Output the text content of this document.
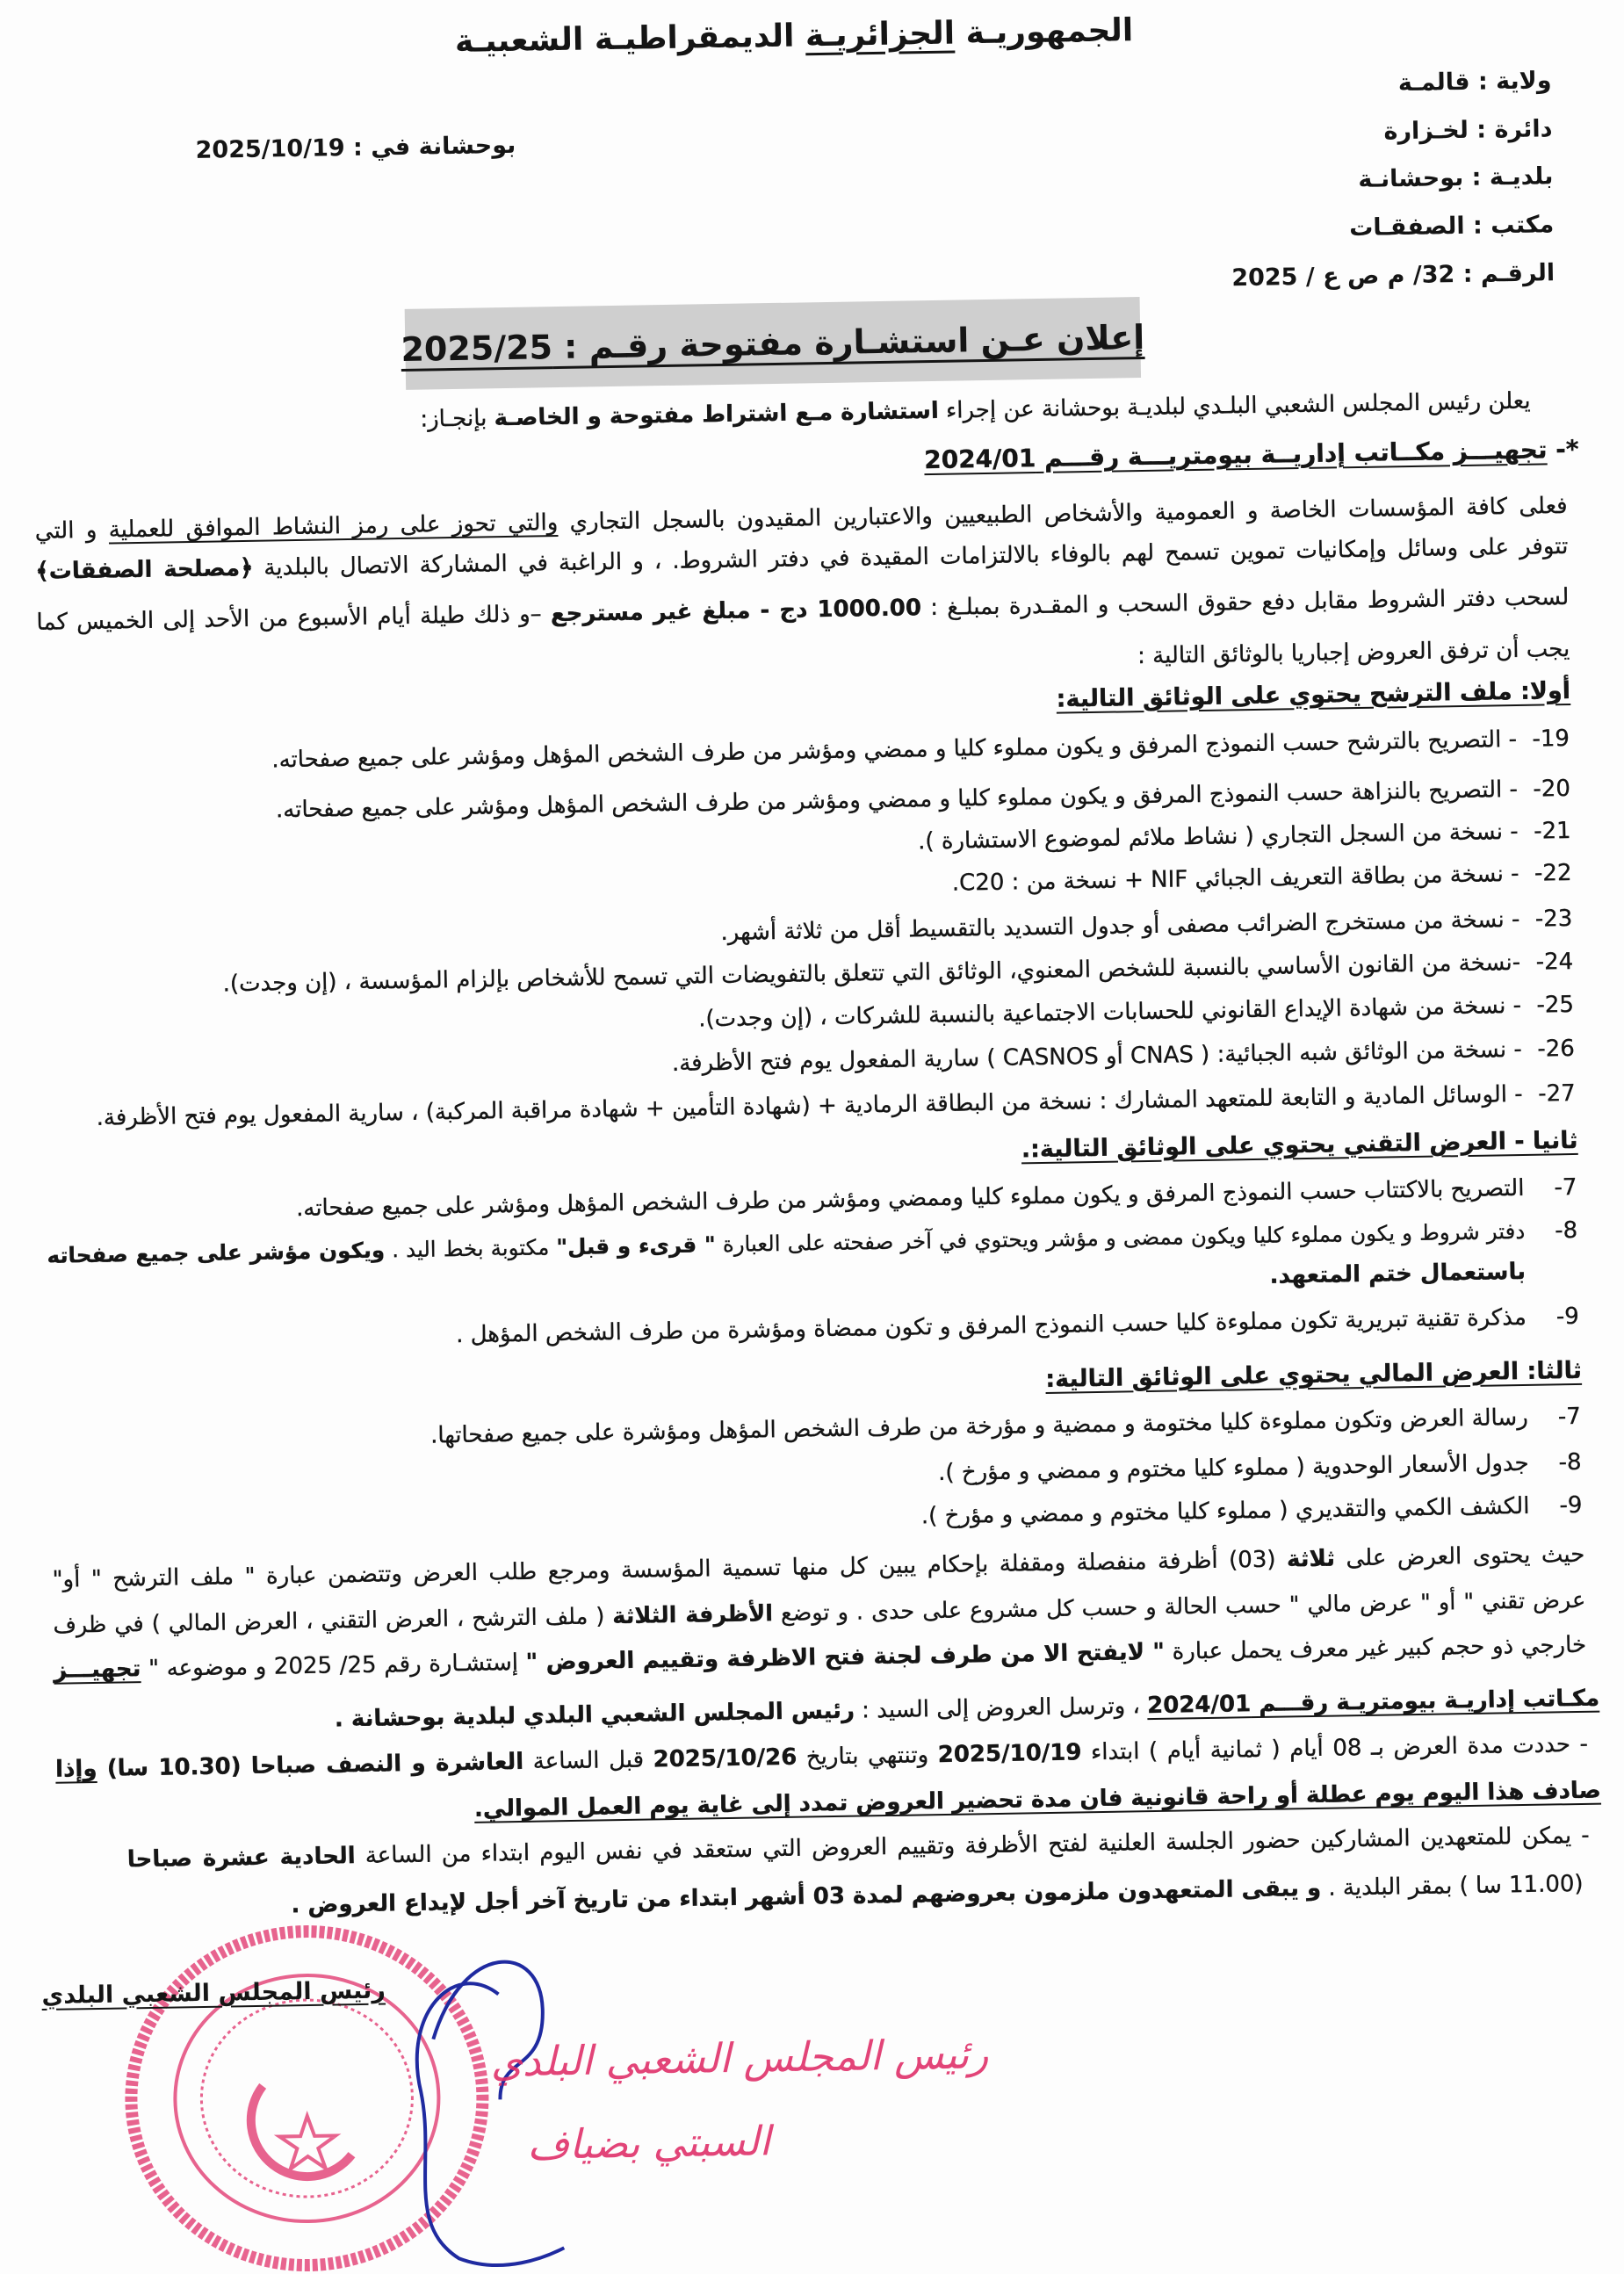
الجمهوريـة الجزائريـة الديمقراطيـة الشعبيـة
ولاية : قالمـة
دائرة : لخـزارة
بلديـة : بوحشانـة
مكتب : الصفقـات
الرقـم : 32/ م ص ع / 2025
بوحشانة في : 2025/10/19
إعلان عـن استشـارة مفتوحة رقـم : 2025/25
يعلن رئيس المجلس الشعبي البلـدي لبلديـة بوحشانة عن إجراء استشارة مـع اشتراط مفتوحة و الخاصـة بإنجـاز:
*- تجهيـــز مكــاتب إداريــة بيومتريـــة رقـــم 2024/01
فعلى كافة المؤسسات الخاصة و العمومية والأشخاص الطبيعيين والاعتبارين المقيدون بالسجل التجاري والتي تحوز على رمز النشاط الموافق للعملية و التي
تتوفر على وسائل وإمكانيات تموين تسمح لهم بالوفاء بالالتزامات المقيدة في دفتر الشروط. ، و الراغبة في المشاركة الاتصال بالبلدية ﴿مصلحة الصفقات﴾
لسحب دفتر الشروط مقابل دفع حقوق السحب و المقـدرة بمبلـغ : 1000.00 دج - مبلغ غير مسترجع –و ذلك طيلة أيام الأسبوع من الأحد إلى الخميس كما
يجب أن ترفق العروض إجباريا بالوثائق التالية :
أولا: ملف الترشح يحتوي على الوثائق التالية:
ثانيا - العرض التقني يحتوي على الوثائق التالية:.
ثالثا: العرض المالي يحتوي على الوثائق التالية:
حيث يحتوى العرض على ثلاثة (03) أظرفة منفصلة ومقفلة بإحكام يبين كل منها تسمية المؤسسة ومرجع طلب العرض وتتضمن عبارة " ملف الترشح " أو"
عرض تقني " أو " عرض مالي " حسب الحالة و حسب كل مشروع على حدى . و توضع الأظرفة الثلاثة ( ملف الترشح ، العرض التقني ، العرض المالي ) في ظرف
خارجي ذو حجم كبير غير معرف يحمل عبارة " لايفتح الا من طرف لجنة فتح الاظرفة وتقييم العروض " إستشـارة رقم 25/ 2025 و موضوعه " تجهيـــز
مكـاتب إداريـة بيومتريـة رقـــم 2024/01 ، وترسل العروض إلى السيد : رئيس المجلس الشعبي البلدي لبلدية بوحشانة .
- حددت مدة العرض بـ 08 أيام ( ثمانية أيام ) ابتداء 2025/10/19 وتنتهي بتاريخ 2025/10/26 قبل الساعة العاشرة و النصف صباحا (10.30 سا) وإذا
صادف هذا اليوم يوم عطلة أو راحة قانونية فان مدة تحضير العروض تمدد إلى غاية يوم العمل الموالي.
- يمكن للمتعهدين المشاركين حضور الجلسة العلنية لفتح الأظرفة وتقييم العروض التي ستعقد في نفس اليوم ابتداء من الساعة الحادية عشرة صباحا
(11.00 سا ) بمقر البلدية . و يبقى المتعهدون ملزمون بعروضهم لمدة 03 أشهر ابتداء من تاريخ آخر أجل لإيداع العروض .
رئيس المجلس الشعبي البلدي
رئيس المجلس الشعبي البلدي
السبتي بضياف
-19
- التصريح بالترشح حسب النموذج المرفق و يكون مملوء كليا و ممضي ومؤشر من طرف الشخص المؤهل ومؤشر على جميع صفحاته.
-20
- التصريح بالنزاهة حسب النموذج المرفق و يكون مملوء كليا و ممضي ومؤشر من طرف الشخص المؤهل ومؤشر على جميع صفحاته.
-21
- نسخة من السجل التجاري ( نشاط ملائم لموضوع الاستشارة ).
-22
- نسخة من بطاقة التعريف الجبائي NIF + نسخة من : C20.
-23
- نسخة من مستخرج الضرائب مصفى أو جدول التسديد بالتقسيط أقل من ثلاثة أشهر.
-24
-نسخة من القانون الأساسي بالنسبة للشخص المعنوي، الوثائق التي تتعلق بالتفويضات التي تسمح للأشخاص بإلزام المؤسسة ، (إن وجدت).
-25
- نسخة من شهادة الإيداع القانوني للحسابات الاجتماعية بالنسبة للشركات ، (إن وجدت).
-26
- نسخة من الوثائق شبه الجبائية: ( CNAS أو CASNOS ) سارية المفعول يوم فتح الأظرفة.
-27
- الوسائل المادية و التابعة للمتعهد المشارك : نسخة من البطاقة الرمادية + (شهادة التأمين + شهادة مراقبة المركبة) ، سارية المفعول يوم فتح الأظرفة.
-7
التصريح بالاكتتاب حسب النموذج المرفق و يكون مملوء كليا وممضي ومؤشر من طرف الشخص المؤهل ومؤشر على جميع صفحاته.
-8
دفتر شروط و يكون مملوء كليا ويكون ممضى و مؤشر ويحتوي في آخر صفحته على العبارة " قرىء و قبل" مكتوبة بخط اليد . ويكون مؤشر على جميع صفحاته
باستعمال ختم المتعهد.
-9
مذكرة تقنية تبريرية تكون مملوءة كليا حسب النموذج المرفق و تكون ممضاة ومؤشرة من طرف الشخص المؤهل .
-7
رسالة العرض وتكون مملوءة كليا مختومة و ممضية و مؤرخة من طرف الشخص المؤهل ومؤشرة على جميع صفحاتها.
-8
جدول الأسعار الوحدوية ( مملوء كليا مختوم و ممضي و مؤرخ ).
-9
الكشف الكمي والتقديري ( مملوء كليا مختوم و ممضي و مؤرخ ).
